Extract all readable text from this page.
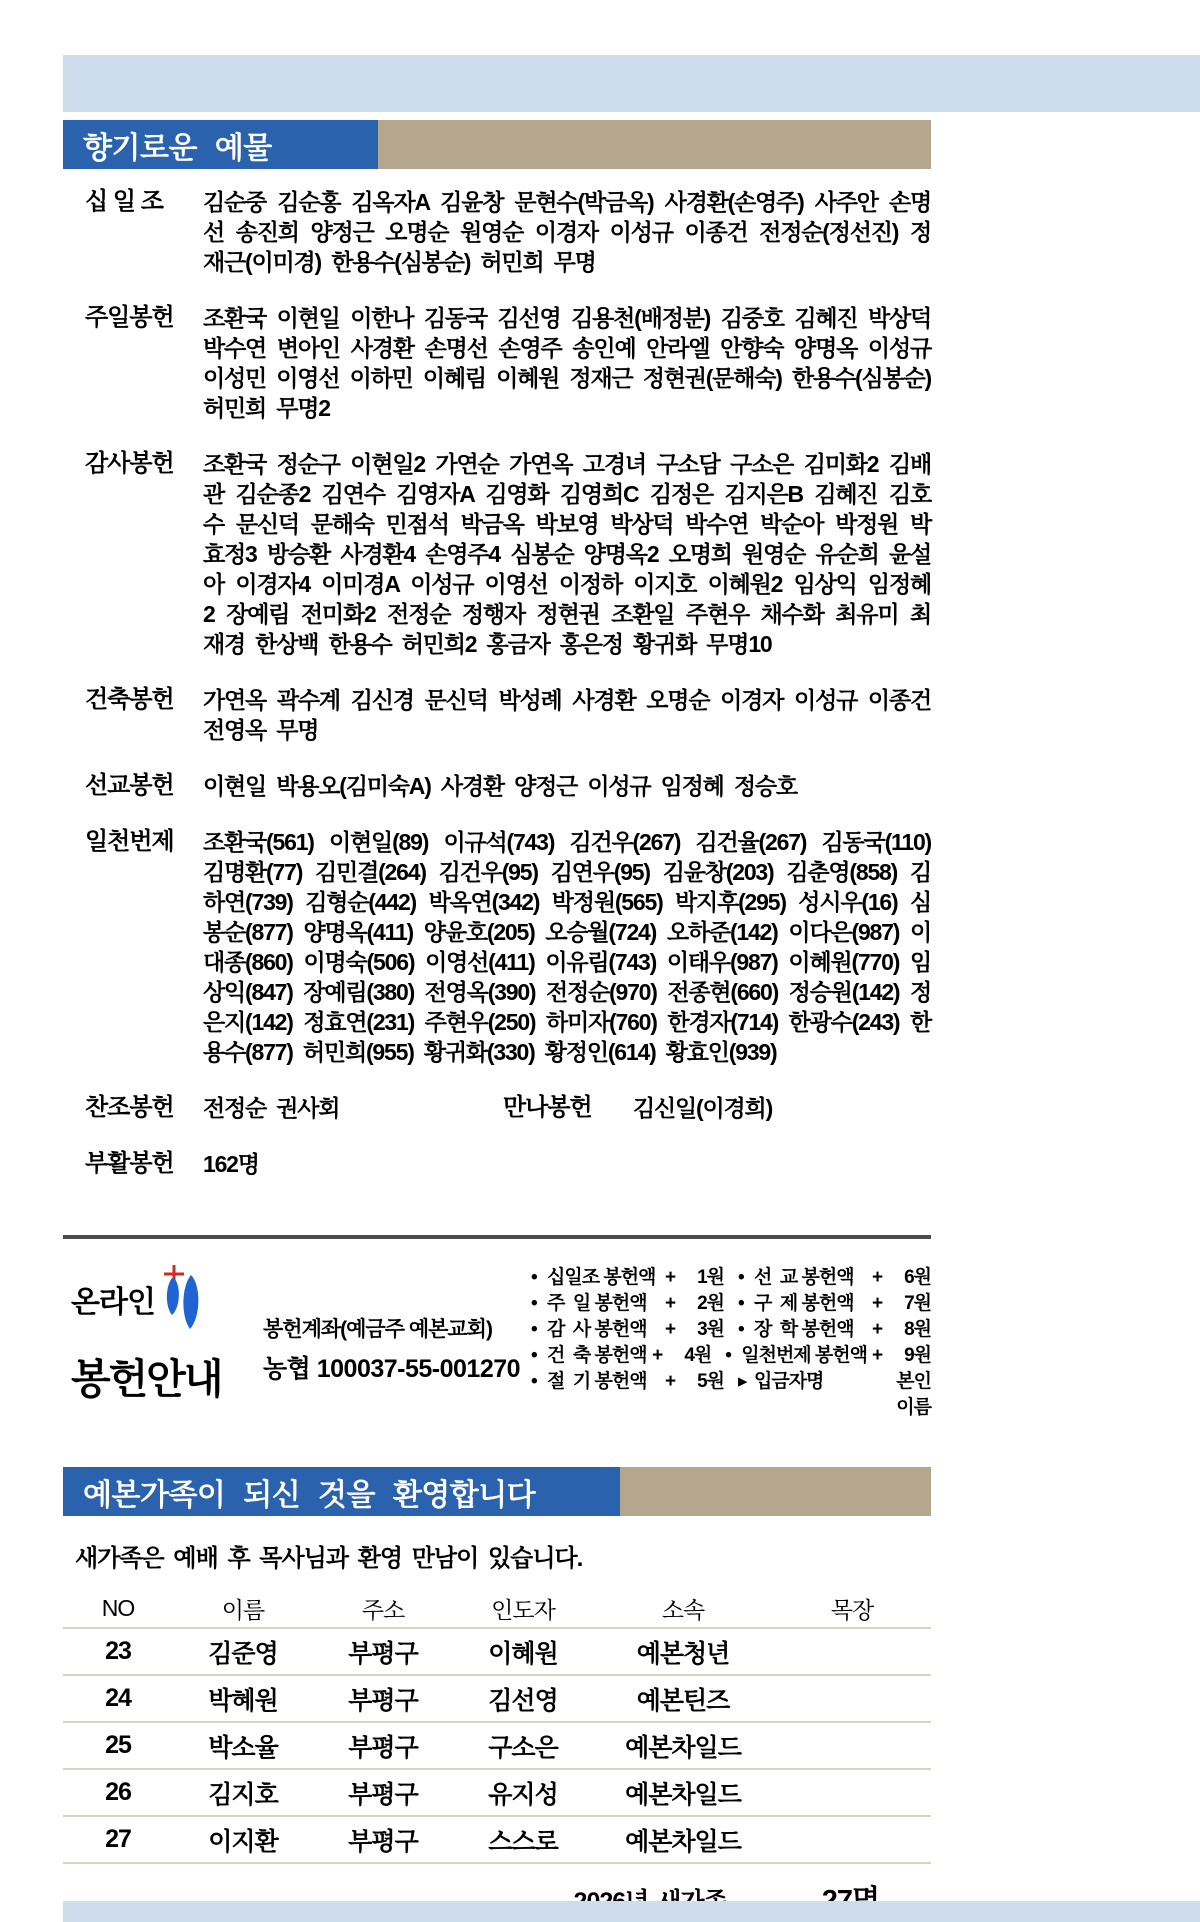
향기로운 예물
십 일 조	김순중 김순홍 김옥자A 김윤창 문현수(박금옥) 사경환(손영주) 사주안 손명선 송진희 양정근 오명순 원영순 이경자 이성규 이종건 전정순(정선진) 정재근(이미경) 한용수(심봉순) 허민희 무명
주일봉헌	조환국 이현일 이한나 김동국 김선영 김용천(배정분) 김중호 김혜진 박상덕 박수연 변아인 사경환 손명선 손영주 송인예 안라엘 안향숙 양명옥 이성규 이성민 이영선 이하민 이혜림 이혜원 정재근 정현권(문해숙) 한용수(심봉순) 허민희 무명2
감사봉헌	조환국 정순구 이현일2 가연순 가연옥 고경녀 구소담 구소은 김미화2 김배관 김순종2 김연수 김영자A 김영화 김영희C 김정은 김지은B 김혜진 김호수 문신덕 문해숙 민점석 박금옥 박보영 박상덕 박수연 박순아 박정원 박효정3 방승환 사경환4 손영주4 심봉순 양명옥2 오명희 원영순 유순희 윤설아 이경자4 이미경A 이성규 이영선 이정하 이지호 이혜원2 임상익 임정혜2 장예림 전미화2 전정순 정행자 정현권 조환일 주현우 채수화 최유미 최재경 한상백 한용수 허민희2 홍금자 홍은정 황귀화 무명10
건축봉헌	가연옥 곽수계 김신경 문신덕 박성례 사경환 오명순 이경자 이성규 이종건 전영옥 무명
선교봉헌	이현일 박용오(김미숙A) 사경환 양정근 이성규 임정혜 정승호
일천번제	조환국(561) 이현일(89) 이규석(743) 김건우(267) 김건율(267) 김동국(110) 김명환(77) 김민결(264) 김건우(95) 김연우(95) 김윤창(203) 김춘영(858) 김하연(739) 김형순(442) 박옥연(342) 박정원(565) 박지후(295) 성시우(16) 심봉순(877) 양명옥(411) 양윤호(205) 오승월(724) 오하준(142) 이다은(987) 이대종(860) 이명숙(506) 이영선(411) 이유림(743) 이태우(987) 이혜원(770) 임상익(847) 장예림(380) 전영옥(390) 전정순(970) 전종현(660) 정승원(142) 정은지(142) 정효연(231) 주현우(250) 하미자(760) 한경자(714) 한광수(243) 한용수(877) 허민희(955) 황귀화(330) 황정인(614) 황효인(939)
찬조봉헌	전정순 권사회	만나봉헌	김신일(이경희)
부활봉헌	162명
온라인
봉헌안내
봉헌계좌(예금주 예본교회)
농협 100037-55-001270
• 십일조 봉헌액 +	1원 • 선  교 봉헌액 +	6원
• 주  일 봉헌액 +	2원 • 구  제 봉헌액 +	7원
• 감  사 봉헌액 +	3원 • 장  학 봉헌액 +	8원
• 건  축 봉헌액 +	4원 • 일천번제 봉헌액 +	9원
• 절  기 봉헌액 +	5원 ▸ 입금자명	본인이름
예본가족이 되신 것을 환영합니다
새가족은 예배 후 목사님과 환영 만남이 있습니다.
NO	이름	주소	인도자	소속	목장
23	김준영	부평구	이혜원	예본청년
24	박혜원	부평구	김선영	예본틴즈
25	박소율	부평구	구소은	예본차일드
26	김지호	부평구	유지성	예본차일드
27	이지환	부평구	스스로	예본차일드
